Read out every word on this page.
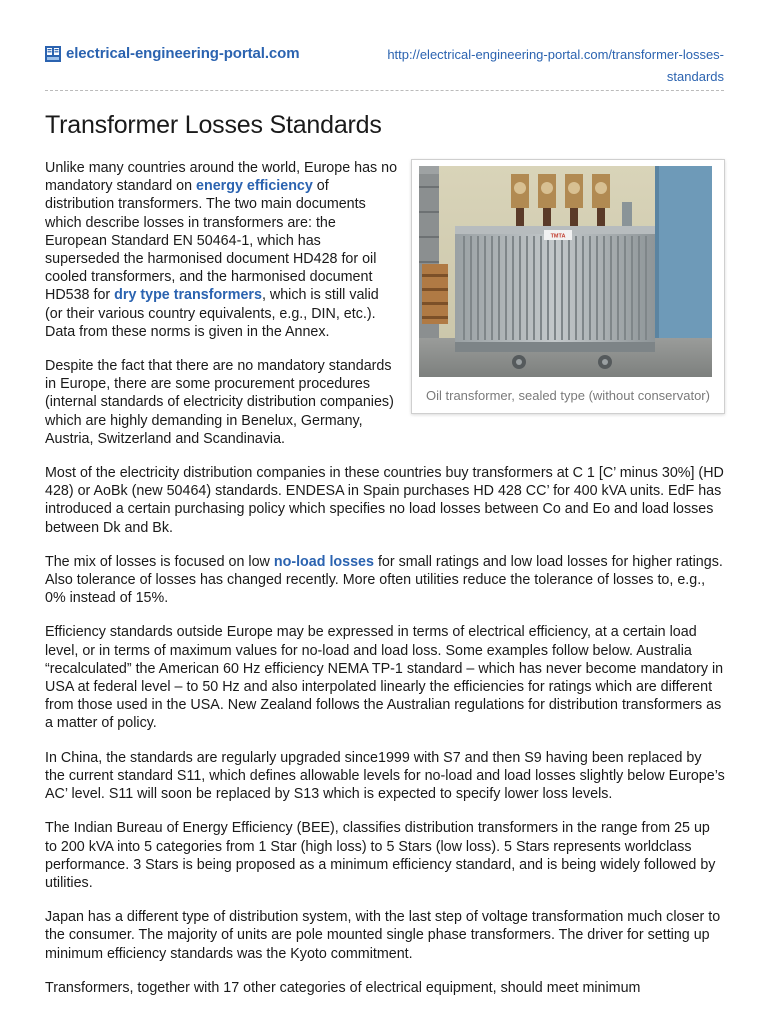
electrical-engineering-portal.com	http://electrical-engineering-portal.com/transformer-losses-
standards
Transformer Losses Standards
TMTA
Oil transformer, sealed type (without conservator)

Unlike many countries around the world, Europe has no mandatory standard on energy efficiency of distribution transformers. The two main documents which describe losses in transformers are: the European Standard EN 50464-1, which has superseded the harmonised document HD428 for oil cooled transformers, and the harmonised document HD538 for dry type transformers, which is still valid (or their various country equivalents, e.g., DIN, etc.). Data from these norms is given in the Annex.

Despite the fact that there are no mandatory standards in Europe, there are some procurement procedures (internal standards of electricity distribution companies) which are highly demanding in Benelux, Germany, Austria, Switzerland and Scandinavia.

Most of the electricity distribution companies in these countries buy transformers at C 1 [C’ minus 30%] (HD 428) or AoBk (new 50464) standards. ENDESA in Spain purchases HD 428 CC’ for 400 kVA units. EdF has introduced a certain purchasing policy which specifies no load losses between Co and Eo and load losses between Dk and Bk.

The mix of losses is focused on low no-load losses for small ratings and low load losses for higher ratings. Also tolerance of losses has changed recently. More often utilities reduce the tolerance of losses to, e.g., 0% instead of 15%.

Efficiency standards outside Europe may be expressed in terms of electrical efficiency, at a certain load level, or in terms of maximum values for no-load and load loss. Some examples follow below. Australia “recalculated” the American 60 Hz efficiency NEMA TP-1 standard – which has never become mandatory in USA at federal level – to 50 Hz and also interpolated linearly the efficiencies for ratings which are different from those used in the USA. New Zealand follows the Australian regulations for distribution transformers as a matter of policy.

In China, the standards are regularly upgraded since1999 with S7 and then S9 having been replaced by the current standard S11, which defines allowable levels for no-load and load losses slightly below Europe’s AC’ level. S11 will soon be replaced by S13 which is expected to specify lower loss levels.

The Indian Bureau of Energy Efficiency (BEE), classifies distribution transformers in the range from 25 up to 200 kVA into 5 categories from 1 Star (high loss) to 5 Stars (low loss). 5 Stars represents worldclass performance. 3 Stars is being proposed as a minimum efficiency standard, and is being widely followed by utilities.

Japan has a different type of distribution system, with the last step of voltage transformation much closer to the consumer. The majority of units are pole mounted single phase transformers. The driver for setting up minimum efficiency standards was the Kyoto commitment.

Transformers, together with 17 other categories of electrical equipment, should meet minimum
